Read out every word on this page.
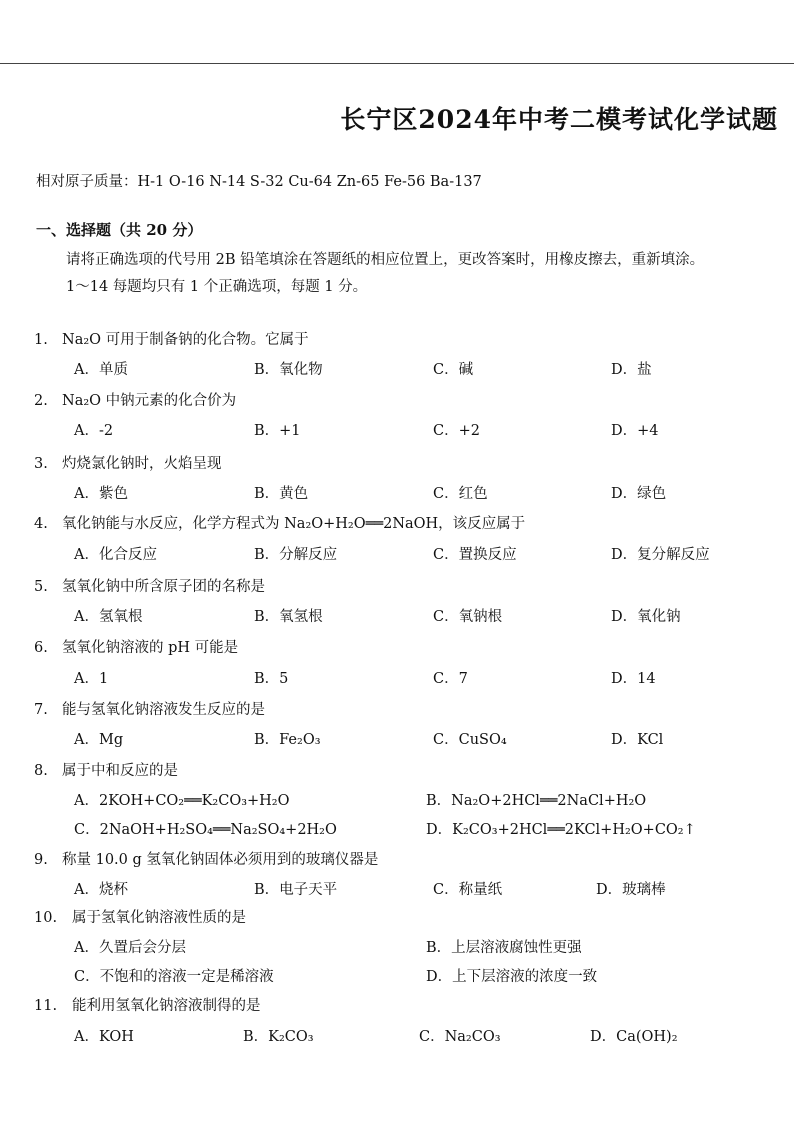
长宁区2024年中考二模考试化学试题
相对原子质量：H-1 O-16 N-14 S-32 Cu-64 Zn-65 Fe-56 Ba-137
一、选择题（共 20 分）
请将正确选项的代号用 2B 铅笔填涂在答题纸的相应位置上，更改答案时，用橡皮擦去，重新填涂。
1～14 每题均只有 1 个正确选项，每题 1 分。
1. Na₂O 可用于制备钠的化合物。它属于
A．单质	B．氧化物	C．碱	D．盐
2. Na₂O 中钠元素的化合价为
A．-2	B．+1	C．+2	D．+4
3. 灼烧氯化钠时，火焰呈现
A．紫色	B．黄色	C．红色	D．绿色
4. 氧化钠能与水反应，化学方程式为 Na₂O+H₂O══2NaOH，该反应属于
A．化合反应	B．分解反应	C．置换反应	D．复分解反应
5. 氢氧化钠中所含原子团的名称是
A．氢氧根	B．氧氢根	C．氧钠根	D．氧化钠
6. 氢氧化钠溶液的 pH 可能是
A．1	B．5	C．7	D．14
7. 能与氢氧化钠溶液发生反应的是
A．Mg	B．Fe₂O₃	C．CuSO₄	D．KCl
8. 属于中和反应的是
A．2KOH+CO₂══K₂CO₃+H₂O	B．Na₂O+2HCl══2NaCl+H₂O
C．2NaOH+H₂SO₄══Na₂SO₄+2H₂O	D．K₂CO₃+2HCl══2KCl+H₂O+CO₂↑
9. 称量 10.0 g 氢氧化钠固体必须用到的玻璃仪器是
A．烧杯	B．电子天平	C．称量纸	D．玻璃棒
10. 属于氢氧化钠溶液性质的是
A．久置后会分层	B．上层溶液腐蚀性更强
C．不饱和的溶液一定是稀溶液	D．上下层溶液的浓度一致
11. 能利用氢氧化钠溶液制得的是
A．KOH	B．K₂CO₃	C．Na₂CO₃	D．Ca(OH)₂
